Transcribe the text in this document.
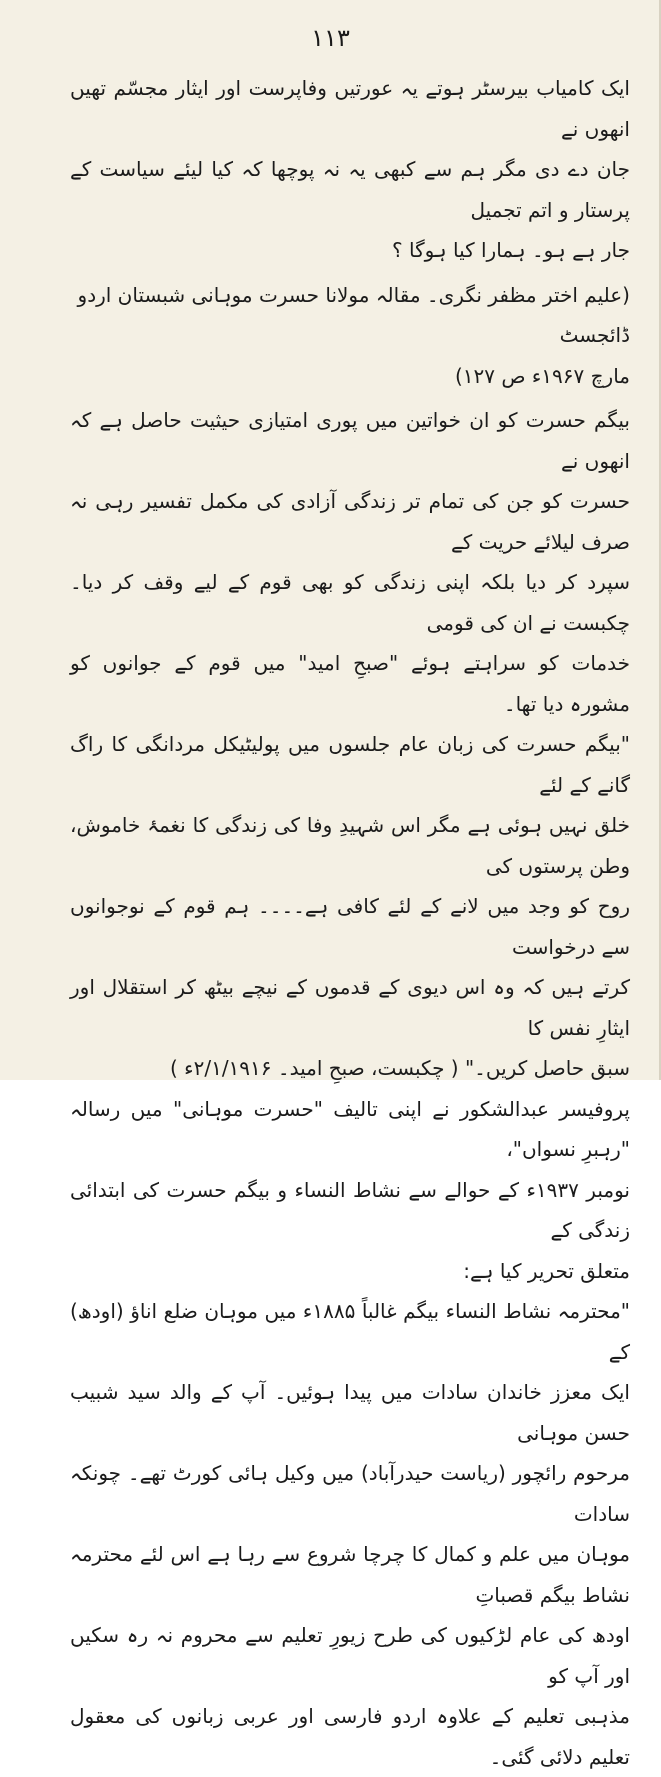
۱۱۳

ایک کامیاب بیرسٹر ہوتے یہ عورتیں وفاپرست اور ایثار مجسّم تھیں انھوں نے
جان دے دی مگر ہم سے کبھی یہ نہ پوچھا کہ کیا لیئے سیاست کے پرستار و اتم تجمیل
جار ہے ہو۔ ہمارا کیا ہوگا ؟

(علیم اختر مظفر نگری۔ مقالہ مولانا حسرت موہانی شبستان اردو ڈائجسٹ
مارچ ۱۹۶۷ء ص ۱۲۷)

بیگم حسرت کو ان خواتین میں پوری امتیازی حیثیت حاصل ہے کہ انھوں نے
حسرت کو جن کی تمام تر زندگی آزادی کی مکمل تفسیر رہی نہ صرف لیلائے حریت کے
سپرد کر دیا بلکہ اپنی زندگی کو بھی قوم کے لیے وقف کر دیا۔ چکبست نے ان کی قومی
خدمات کو سراہتے ہوئے "صبحِ امید" میں قوم کے جوانوں کو مشورہ دیا تھا۔

"بیگم حسرت کی زبان عام جلسوں میں پولیٹیکل مردانگی کا راگ گانے کے لئے
خلق نہیں ہوئی ہے مگر اس شہیدِ وفا کی زندگی کا نغمۂ خاموش، وطن پرستوں کی
روح کو وجد میں لانے کے لئے کافی ہے۔۔۔۔ ہم قوم کے نوجوانوں سے درخواست
کرتے ہیں کہ وہ اس دیوی کے قدموں کے نیچے بیٹھ کر استقلال اور ایثارِ نفس کا
سبق حاصل کریں۔" ( چکبست، صبحِ امید۔ ۲/۱/۱۹۱۶ء )

پروفیسر عبدالشکور نے اپنی تالیف "حسرت موہانی" میں رسالہ "رہبرِ نسواں"،
نومبر ۱۹۳۷ء کے حوالے سے نشاط النساء و بیگم حسرت کی ابتدائی زندگی کے
متعلق تحریر کیا ہے:

"محترمہ نشاط النساء بیگم غالباً ۱۸۸۵ء میں موہان ضلع اناؤ (اودھ) کے
ایک معزز خاندان سادات میں پیدا ہوئیں۔ آپ کے والد سید شبیب حسن موہانی
مرحوم رائچور (ریاست حیدرآباد) میں وکیل ہائی کورٹ تھے۔ چونکہ سادات
موہان میں علم و کمال کا چرچا شروع سے رہا ہے اس لئے محترمہ نشاط بیگم قصباتِ
اودھ کی عام لڑکیوں کی طرح زیورِ تعلیم سے محروم نہ رہ سکیں اور آپ کو
مذہبی تعلیم کے علاوہ اردو فارسی اور عربی زبانوں کی معقول تعلیم دلائی گئی۔
